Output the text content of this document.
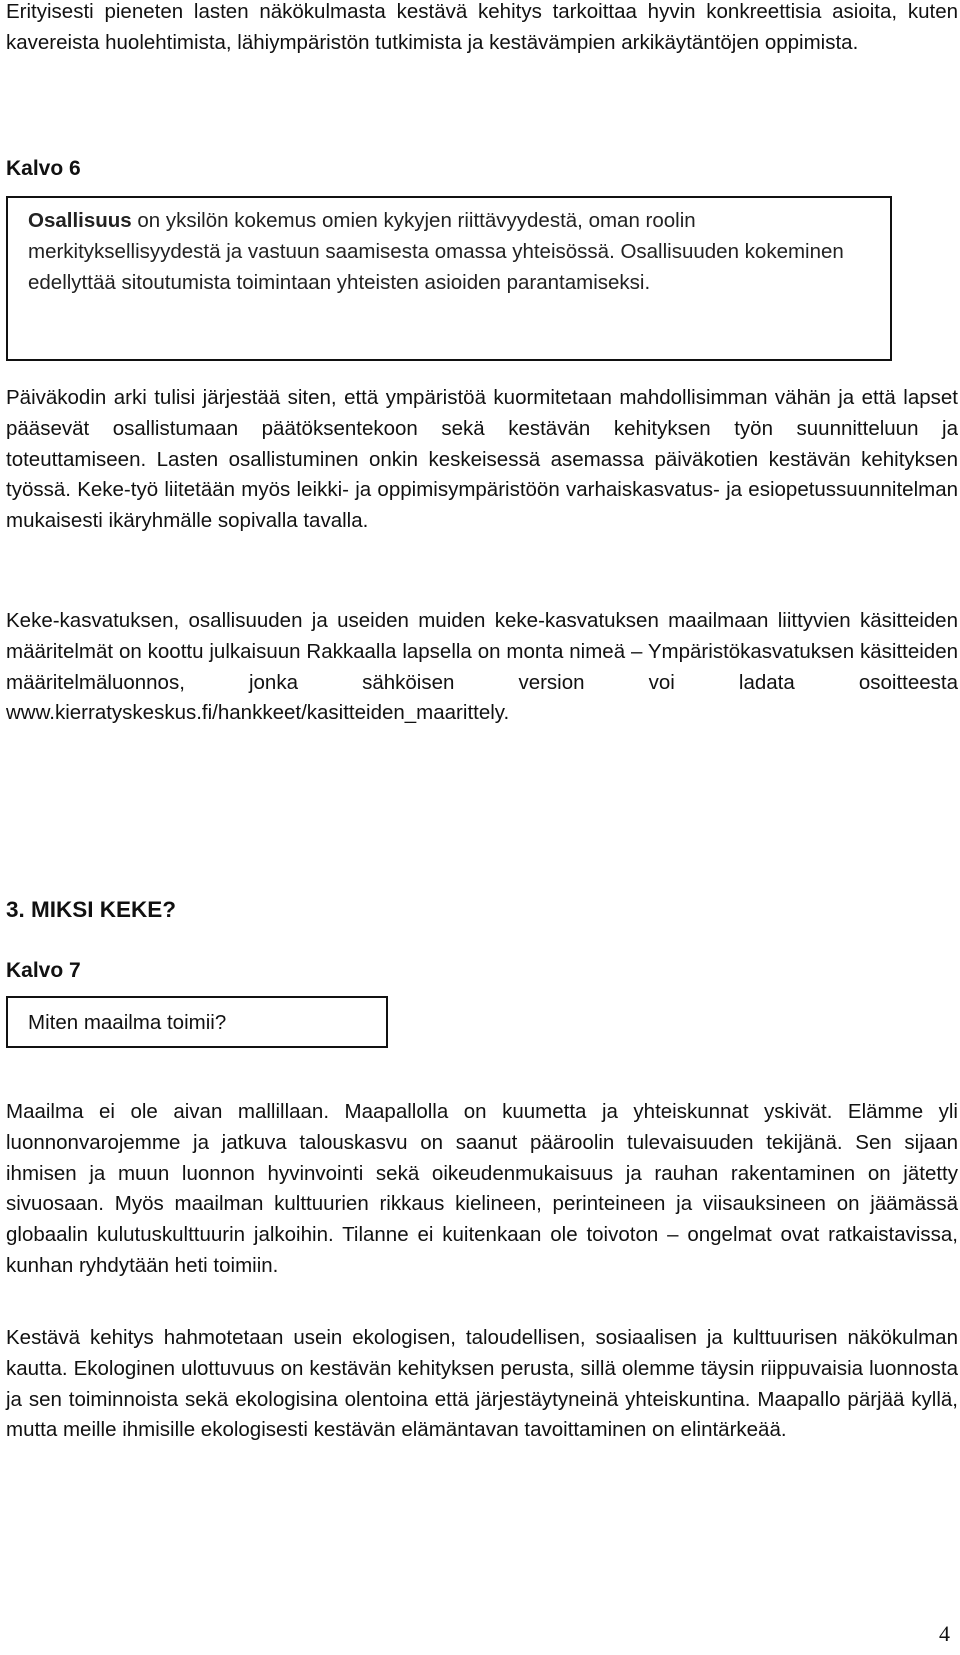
Erityisesti pieneten lasten näkökulmasta kestävä kehitys tarkoittaa hyvin konkreettisia asioita, kuten kavereista huolehtimista, lähiympäristön tutkimista ja kestävämpien arkikäytäntöjen oppimista.

Kalvo 6

Osallisuus on yksilön kokemus omien kykyjen riittävyydestä, oman roolin merkityksellisyydestä ja vastuun saamisesta omassa yhteisössä. Osallisuuden kokeminen edellyttää sitoutumista toimintaan yhteisten asioiden parantamiseksi.

Päiväkodin arki tulisi järjestää siten, että ympäristöä kuormitetaan mahdollisimman vähän ja että lapset pääsevät osallistumaan päätöksentekoon sekä kestävän kehityksen työn suunnitteluun ja toteuttamiseen. Lasten osallistuminen onkin keskeisessä asemassa päiväkotien kestävän kehityksen työssä. Keke-työ liitetään myös leikki- ja oppimisympäristöön varhaiskasvatus- ja esiopetussuunnitelman mukaisesti ikäryhmälle sopivalla tavalla.

Keke-kasvatuksen, osallisuuden ja useiden muiden keke-kasvatuksen maailmaan liittyvien käsitteiden määritelmät on koottu julkaisuun Rakkaalla lapsella on monta nimeä – Ympäristökasvatuksen käsitteiden määritelmäluonnos, jonka sähköisen version voi ladata osoitteesta www.kierratyskeskus.fi/hankkeet/kasitteiden_maarittely.

3. MIKSI KEKE?
Kalvo 7

Miten maailma toimii?

Maailma ei ole aivan mallillaan. Maapallolla on kuumetta ja yhteiskunnat yskivät. Elämme yli luonnonvarojemme ja jatkuva talouskasvu on saanut pääroolin tulevaisuuden tekijänä. Sen sijaan ihmisen ja muun luonnon hyvinvointi sekä oikeudenmukaisuus ja rauhan rakentaminen on jätetty sivuosaan. Myös maailman kulttuurien rikkaus kielineen, perinteineen ja viisauksineen on jäämässä globaalin kulutuskulttuurin jalkoihin. Tilanne ei kuitenkaan ole toivoton – ongelmat ovat ratkaistavissa, kunhan ryhdytään heti toimiin.

Kestävä kehitys hahmotetaan usein ekologisen, taloudellisen, sosiaalisen ja kulttuurisen näkökulman kautta. Ekologinen ulottuvuus on kestävän kehityksen perusta, sillä olemme täysin riippuvaisia luonnosta ja sen toiminnoista sekä ekologisina olentoina että järjestäytyneinä yhteiskuntina. Maapallo pärjää kyllä, mutta meille ihmisille ekologisesti kestävän elämäntavan tavoittaminen on elintärkeää.

4
